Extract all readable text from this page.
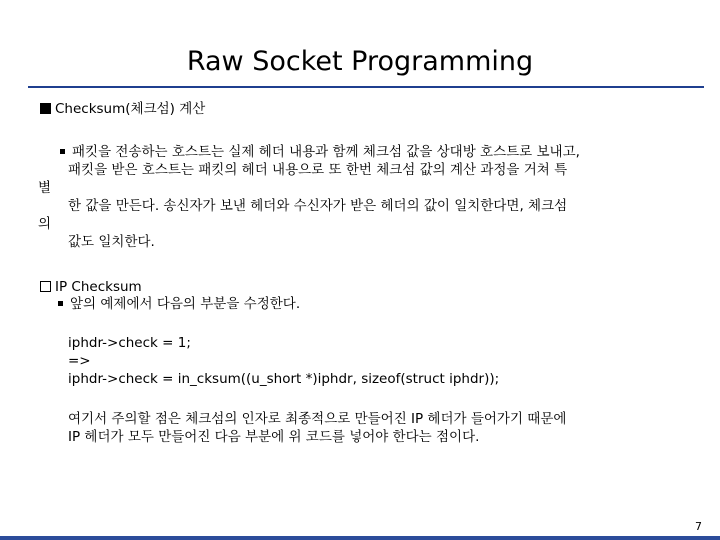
Raw Socket Programming
Checksum(체크섬) 계산
패킷을 전송하는 호스트는 실제 헤더 내용과 함께 체크섬 값을 상대방 호스트로 보내고,
패킷을 받은 호스트는 패킷의 헤더 내용으로 또 한번 체크섬 값의 계산 과정을 거쳐 특
별
한 값을 만든다. 송신자가 보낸 헤더와 수신자가 받은 헤더의 값이 일치한다면, 체크섬
의
값도 일치한다.
IP Checksum
앞의 예제에서 다음의 부분을 수정한다.
iphdr->check = 1;
=>
iphdr->check = in_cksum((u_short *)iphdr, sizeof(struct iphdr));
여기서 주의할 점은 체크섬의 인자로 최종적으로 만들어진 IP 헤더가 들어가기 때문에
IP 헤더가 모두 만들어진 다음 부분에 위 코드를 넣어야 한다는 점이다.
7
